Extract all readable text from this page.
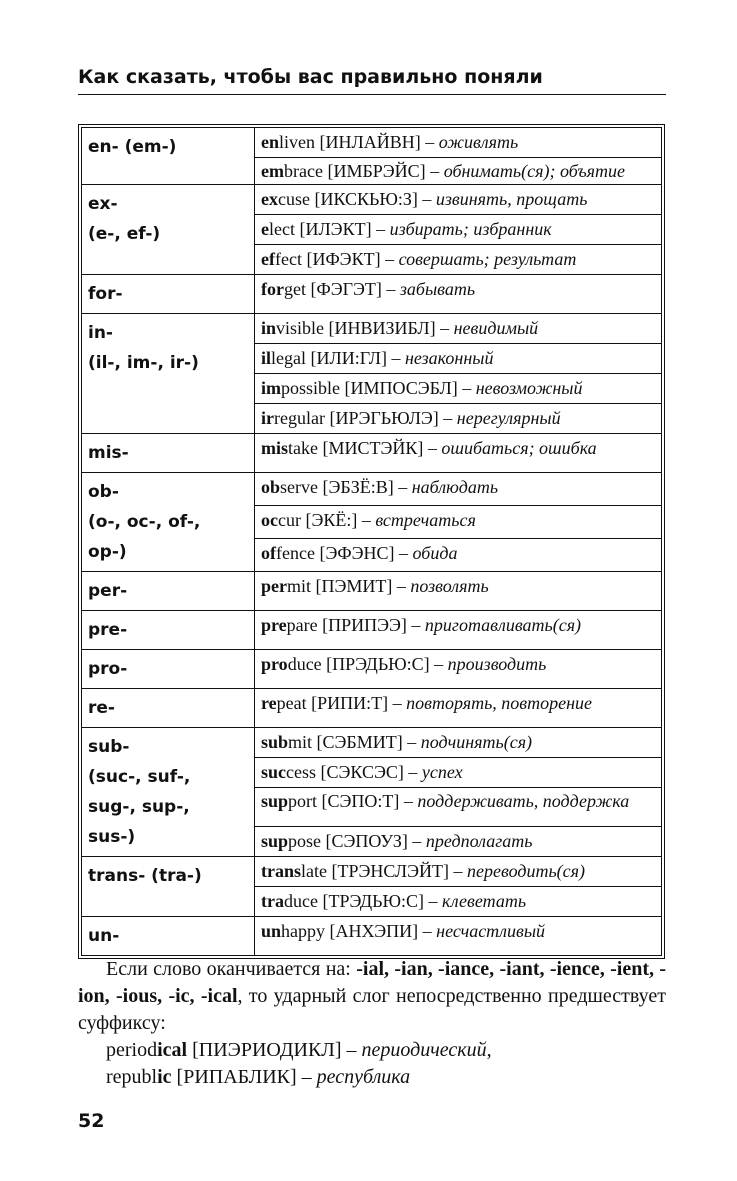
Как сказать, чтобы вас правильно поняли
en- (em-)	enliven [ИНЛАЙВН] – оживлять
	embrace [ИМБРЭЙС] – обнимать(ся); объятие

ex-
(e-, ef-)	excuse [ИКСКЬЮ:З] – извинять, прощать
	elect [ИЛЭКТ] – избирать; избранник
	effect [ИФЭКТ] – совершать; результат

for-	forget [ФЭГЭТ] – забывать

in-
(il-, im-, ir-)	invisible [ИНВИЗИБЛ] – невидимый
	illegal [ИЛИ:ГЛ] – незаконный
	impossible [ИМПОСЭБЛ] – невозможный
	irregular [ИРЭГЬЮЛЭ] – нерегулярный

mis-	mistake [МИСТЭЙК] – ошибаться; ошибка

ob-
(o-, oc-, of-,
op-)	observe [ЭБЗЁ:В] – наблюдать
	occur [ЭКЁ:] – встречаться
	offence [ЭФЭНС] – обида

per-	permit [ПЭМИТ] – позволять

pre-	prepare [ПРИПЭЭ] – приготавливать(ся)

pro-	produce [ПРЭДЬЮ:С] – производить

re-	repeat [РИПИ:Т] – повторять, повторение

sub-
(suc-, suf-,
sug-, sup-,
sus-)	submit [СЭБМИТ] – подчинять(ся)
	success [СЭКСЭС] – успех
	support [СЭПО:Т] – поддерживать, поддержка
	suppose [СЭПОУЗ] – предполагать

trans- (tra-)	translate [ТРЭНСЛЭЙТ] – переводить(ся)
	traduce [ТРЭДЬЮ:С] – клеветать

un-	unhappy [АНХЭПИ] – несчастливый

Если слово оканчивается на: -ial, -ian, -iance, -iant, -ience, -ient, -ion, -ious, -ic, -ical, то ударный слог непосредственно предшествует суффиксу:

periodical [ПИЭРИОДИКЛ] – периодический,
republic [РИПАБЛИК] – республика
52
